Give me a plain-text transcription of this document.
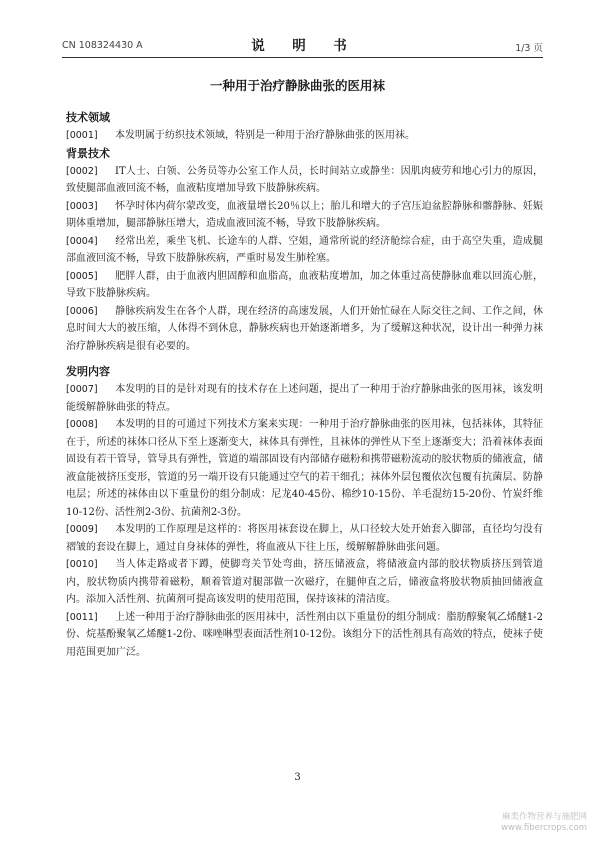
CN 108324430 A	说　明　书	1/3 页
一种用于治疗静脉曲张的医用袜

技术领域

[0001] 本发明属于纺织技术领域，特别是一种用于治疗静脉曲张的医用袜。

背景技术

[0002] IT人士、白领、公务员等办公室工作人员，长时间站立或静坐：因肌肉疲劳和地心引力的原因，致使腿部血液回流不畅，血液粘度增加导致下肢静脉疾病。

[0003] 怀孕时体内荷尔蒙改变，血液量增长20％以上；胎儿和增大的子宫压迫盆腔静脉和髂静脉、妊娠期体重增加，腿部静脉压增大，造成血液回流不畅，导致下肢静脉疾病。

[0004] 经常出差，乘坐飞机、长途车的人群、空姐，通常所说的经济舱综合症，由于高空失重，造成腿部血液回流不畅，导致下肢静脉疾病，严重时易发生肺栓塞。

[0005] 肥胖人群，由于血液内胆固醇和血脂高，血液粘度增加，加之体重过高使静脉血难以回流心脏，导致下肢静脉疾病。

[0006] 静脉疾病发生在各个人群，现在经济的高速发展，人们开始忙碌在人际交往之间、工作之间，休息时间大大的被压缩，人体得不到休息，静脉疾病也开始逐渐增多，为了缓解这种状况，设计出一种弹力袜治疗静脉疾病是很有必要的。

发明内容

[0007] 本发明的目的是针对现有的技术存在上述问题，提出了一种用于治疗静脉曲张的医用袜，该发明能缓解静脉曲张的特点。

[0008] 本发明的目的可通过下列技术方案来实现：一种用于治疗静脉曲张的医用袜，包括袜体，其特征在于，所述的袜体口径从下至上逐渐变大，袜体具有弹性，且袜体的弹性从下至上逐渐变大；沿着袜体表面固设有若干管导，管导具有弹性，管道的端部固设有内部储存磁粉和携带磁粉流动的胶状物质的储液盒，储液盒能被挤压变形，管道的另一端开设有只能通过空气的若干细孔；袜体外层包覆依次包覆有抗菌层、防静电层；所述的袜体由以下重量份的组分制成：尼龙40-45份、棉纱10-15份、羊毛混纺15-20份、竹炭纤维10-12份、活性剂2-3份、抗菌剂2-3份。

[0009] 本发明的工作原理是这样的：将医用袜套设在脚上，从口径较大处开始套入脚部，直径均匀没有褶皱的套设在脚上，通过自身袜体的弹性，将血液从下往上压，缓解解静脉曲张问题。

[0010] 当人体走路或者下蹲，使脚弯关节处弯曲，挤压储液盒，将储液盒内部的胶状物质挤压到管道内，胶状物质内携带着磁粉，顺着管道对腿部做一次磁疗，在腿伸直之后，储液盒将胶状物质抽回储液盒内。添加入活性剂、抗菌剂可提高该发明的使用范围，保持该袜的清洁度。

[0011] 上述一种用于治疗静脉曲张的医用袜中，活性剂由以下重量份的组分制成：脂肪醇聚氧乙烯醚1-2份、烷基酚聚氧乙烯醚1-2份、咪唑啉型表面活性剂10-12份。该组分下的活性剂具有高效的特点，使袜子使用范围更加广泛。

3
麻类作物营养与施肥网
www.fibercrops.com
